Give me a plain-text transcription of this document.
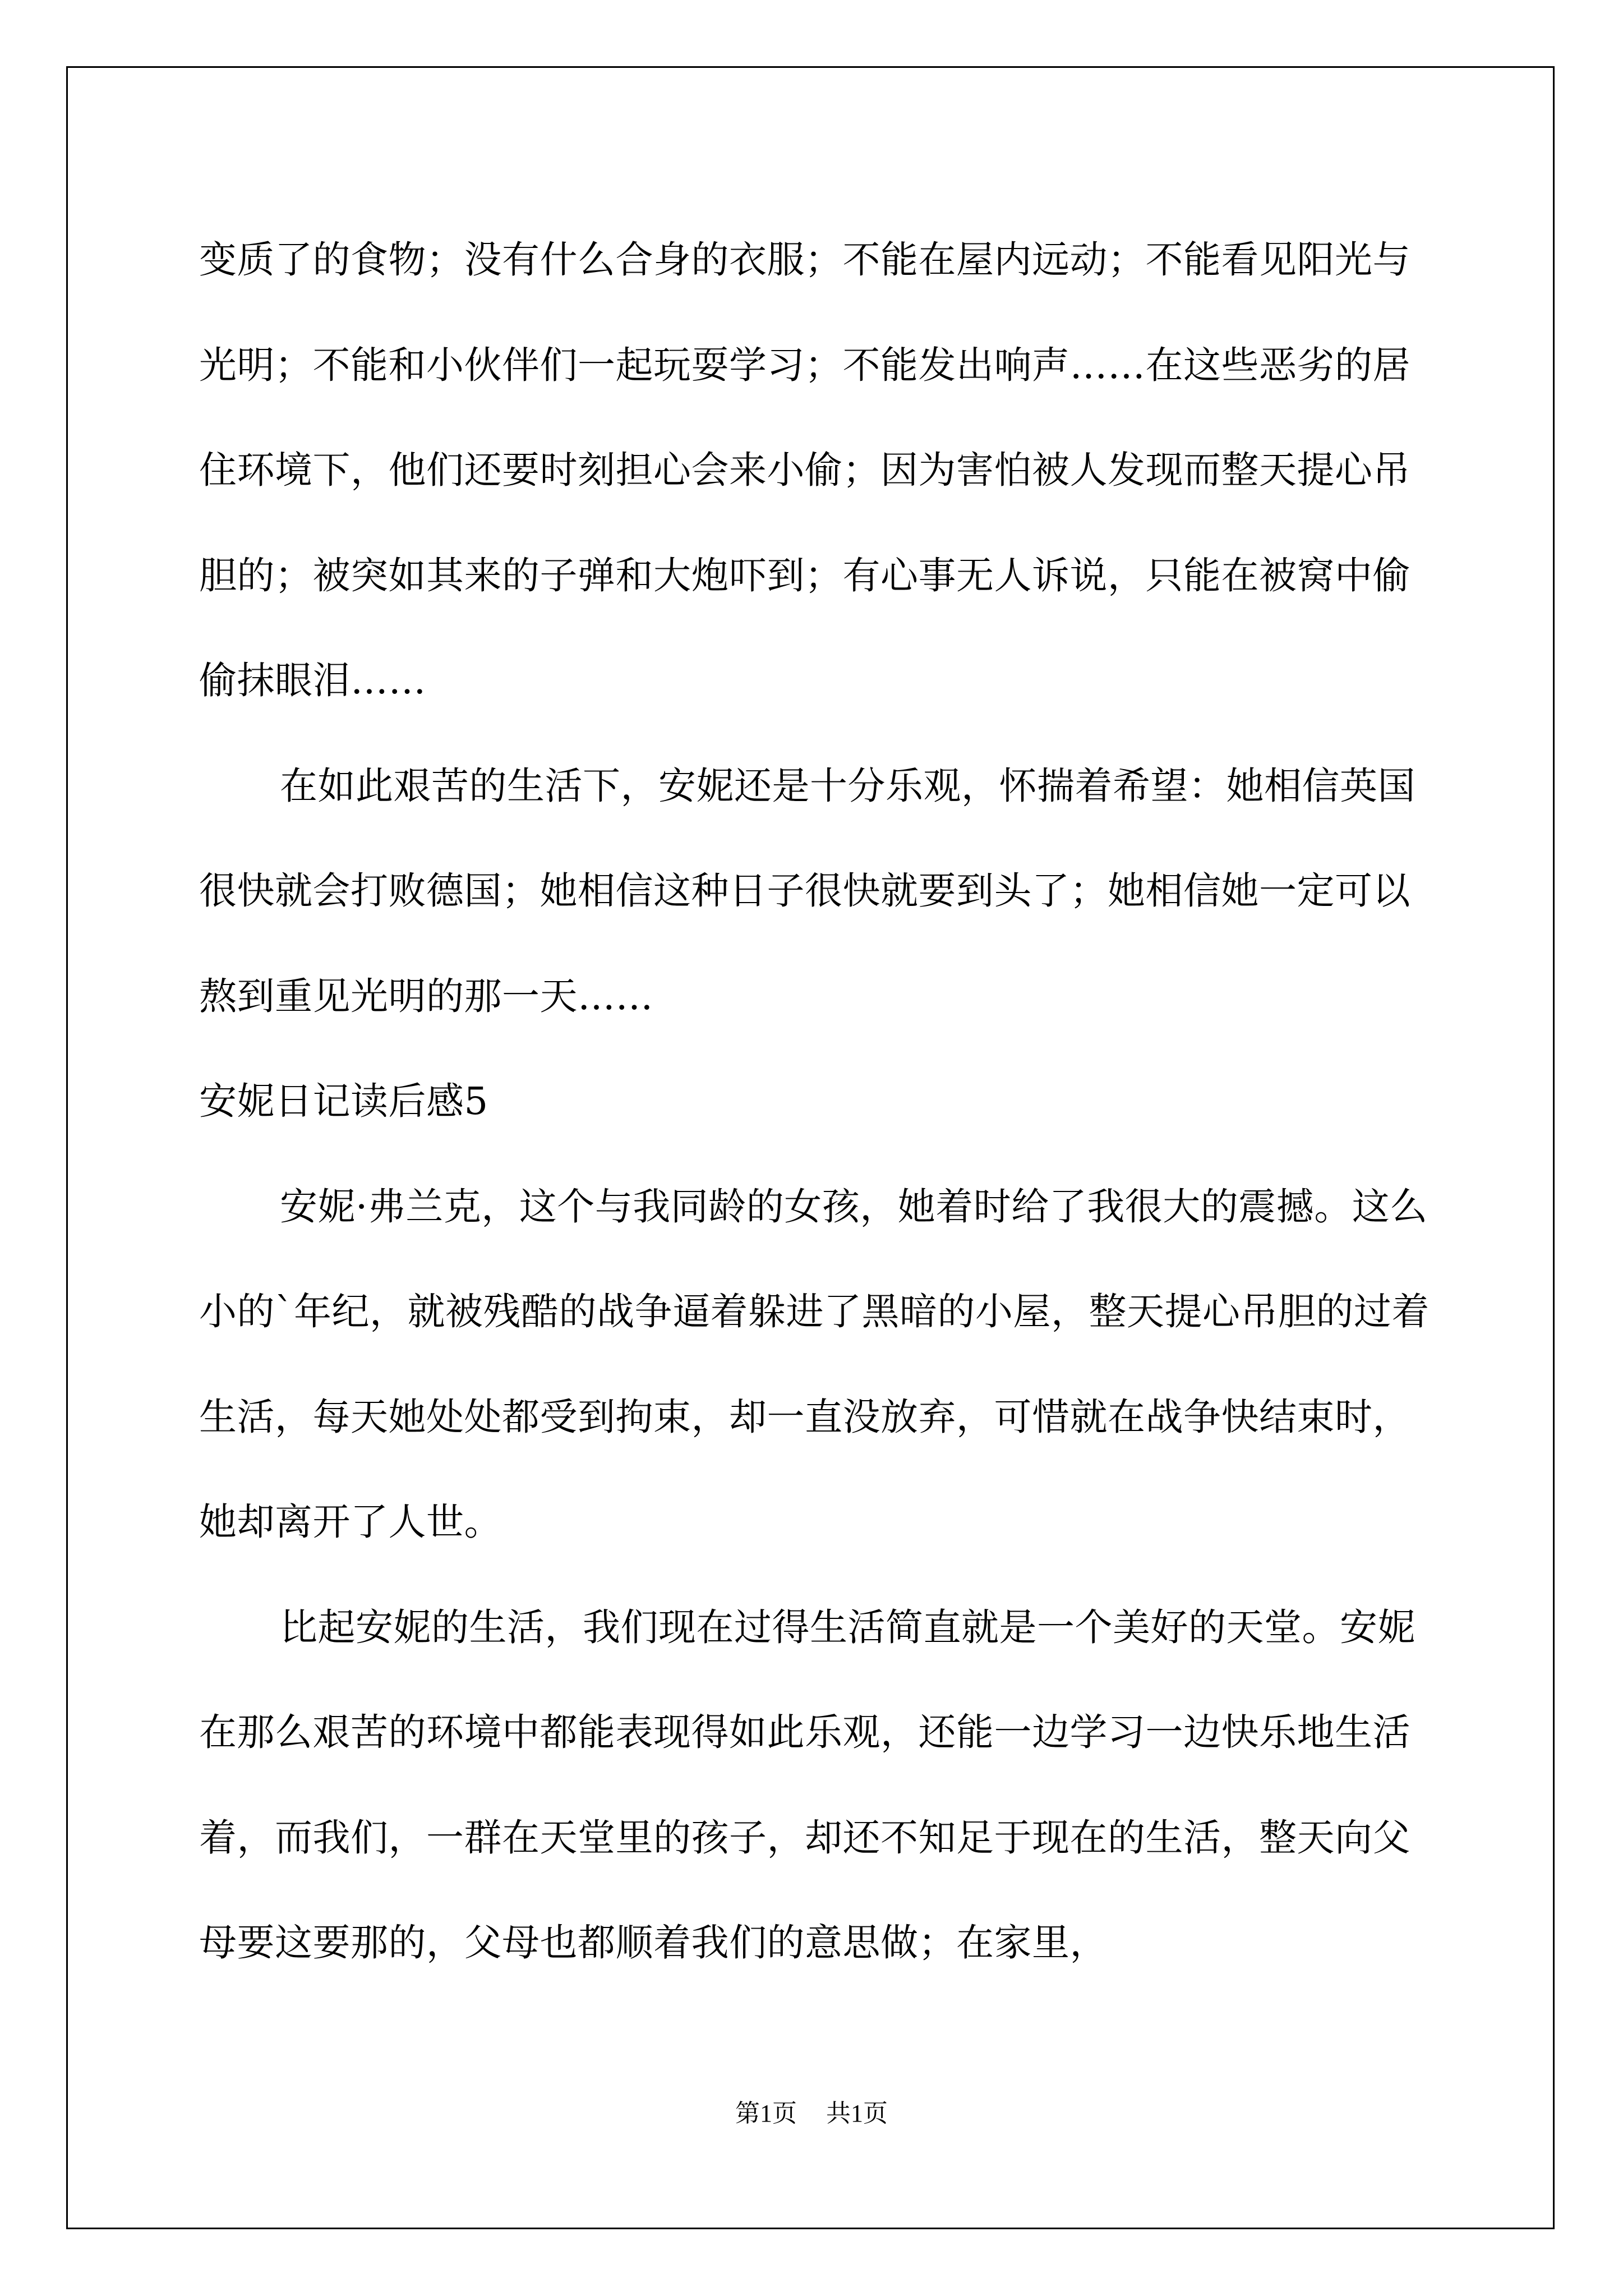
变质了的食物；没有什么合身的衣服；不能在屋内远动；不能看见阳光与光明；不能和小伙伴们一起玩耍学习；不能发出响声……在这些恶劣的居住环境下，他们还要时刻担心会来小偷；因为害怕被人发现而整天提心吊胆的；被突如其来的子弹和大炮吓到；有心事无人诉说，只能在被窝中偷偷抹眼泪……

在如此艰苦的生活下，安妮还是十分乐观，怀揣着希望：她相信英国很快就会打败德国；她相信这种日子很快就要到头了；她相信她一定可以熬到重见光明的那一天……

安妮日记读后感5

安妮·弗兰克，这个与我同龄的女孩，她着时给了我很大的震撼。这么小的`年纪，就被残酷的战争逼着躲进了黑暗的小屋，整天提心吊胆的过着生活，每天她处处都受到拘束，却一直没放弃，可惜就在战争快结束时，她却离开了人世。

比起安妮的生活，我们现在过得生活简直就是一个美好的天堂。安妮在那么艰苦的环境中都能表现得如此乐观，还能一边学习一边快乐地生活着，而我们，一群在天堂里的孩子，却还不知足于现在的生活，整天向父母要这要那的，父母也都顺着我们的意思做；在家里，

第1页 共1页
